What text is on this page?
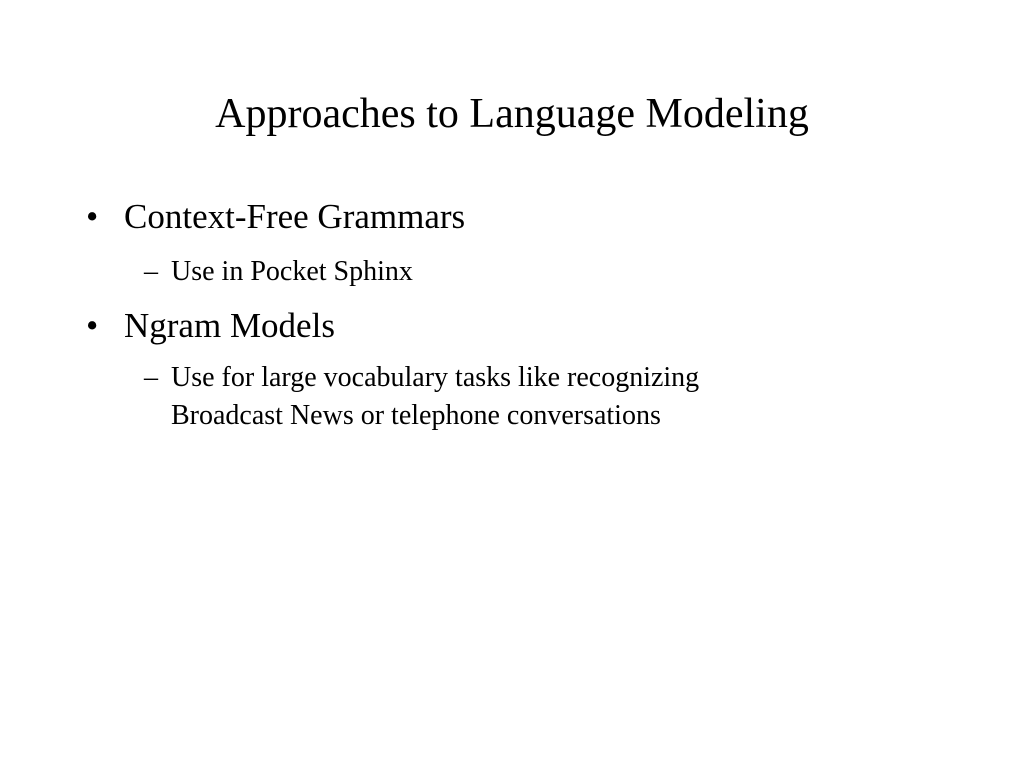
Approaches to Language Modeling
• Context-Free Grammars
– Use in Pocket Sphinx
• Ngram Models
– Use for large vocabulary tasks like recognizing
Broadcast News or telephone conversations
